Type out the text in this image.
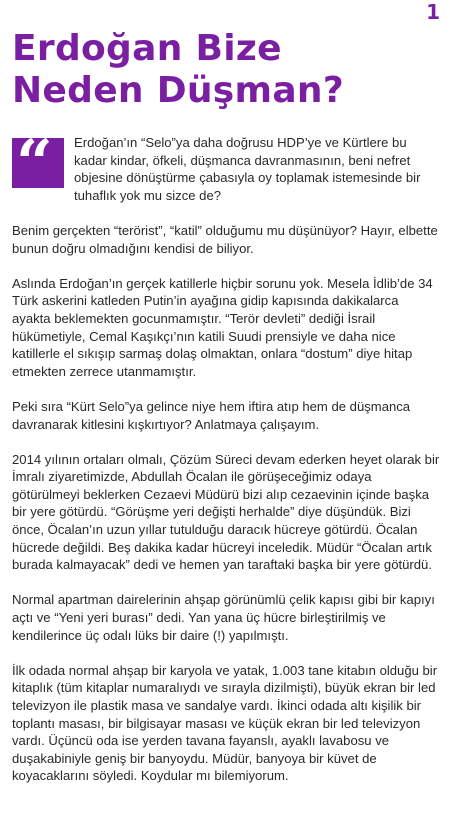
1
Erdoğan Bize
Neden Düşman?

“ Erdoğan’ın “Selo”ya daha doğrusu HDP’ye ve Kürtlere bu kadar kindar, öfkeli, düşmanca davranmasının, beni nefret objesine dönüştürme çabasıyla oy toplamak istemesinde bir tuhaflık yok mu sizce de?

Benim gerçekten “terörist”, “katil” olduğumu mu düşünüyor? Hayır, elbette bunun doğru olmadığını kendisi de biliyor.

Aslında Erdoğan’ın gerçek katillerle hiçbir sorunu yok. Mesela İdlib’de 34 Türk askerini katleden Putin’in ayağına gidip kapısında dakikalarca ayakta beklemekten gocunmamıştır. “Terör devleti” dediği İsrail hükümetiyle, Cemal Kaşıkçı’nın katili Suudi prensiyle ve daha nice katillerle el sıkışıp sarmaş dolaş olmaktan, onlara “dostum” diye hitap etmekten zerrece utanmamıştır.

Peki sıra “Kürt Selo”ya gelince niye hem iftira atıp hem de düşmanca davranarak kitlesini kışkırtıyor? Anlatmaya çalışayım.

2014 yılının ortaları olmalı, Çözüm Süreci devam ederken heyet olarak bir İmralı ziyaretimizde, Abdullah Öcalan ile görüşeceğimiz odaya götürülmeyi beklerken Cezaevi Müdürü bizi alıp cezaevinin içinde başka bir yere götürdü. “Görüşme yeri değişti herhalde” diye düşündük. Bizi önce, Öcalan’ın uzun yıllar tutulduğu daracık hücreye götürdü. Öcalan hücrede değildi. Beş dakika kadar hücreyi inceledik. Müdür “Öcalan artık burada kalmayacak” dedi ve hemen yan taraftaki başka bir yere götürdü.

Normal apartman dairelerinin ahşap görünümlü çelik kapısı gibi bir kapıyı açtı ve “Yeni yeri burası” dedi. Yan yana üç hücre birleştirilmiş ve kendilerince üç odalı lüks bir daire (!) yapılmıştı.

İlk odada normal ahşap bir karyola ve yatak, 1.003 tane kitabın olduğu bir kitaplık (tüm kitaplar numaralıydı ve sırayla dizilmişti), büyük ekran bir led televizyon ile plastik masa ve sandalye vardı. İkinci odada altı kişilik bir toplantı masası, bir bilgisayar masası ve küçük ekran bir led televizyon vardı. Üçüncü oda ise yerden tavana fayanslı, ayaklı lavabosu ve duşakabiniyle geniş bir banyoydu. Müdür, banyoya bir küvet de koyacaklarını söyledi. Koydular mı bilemiyorum.
